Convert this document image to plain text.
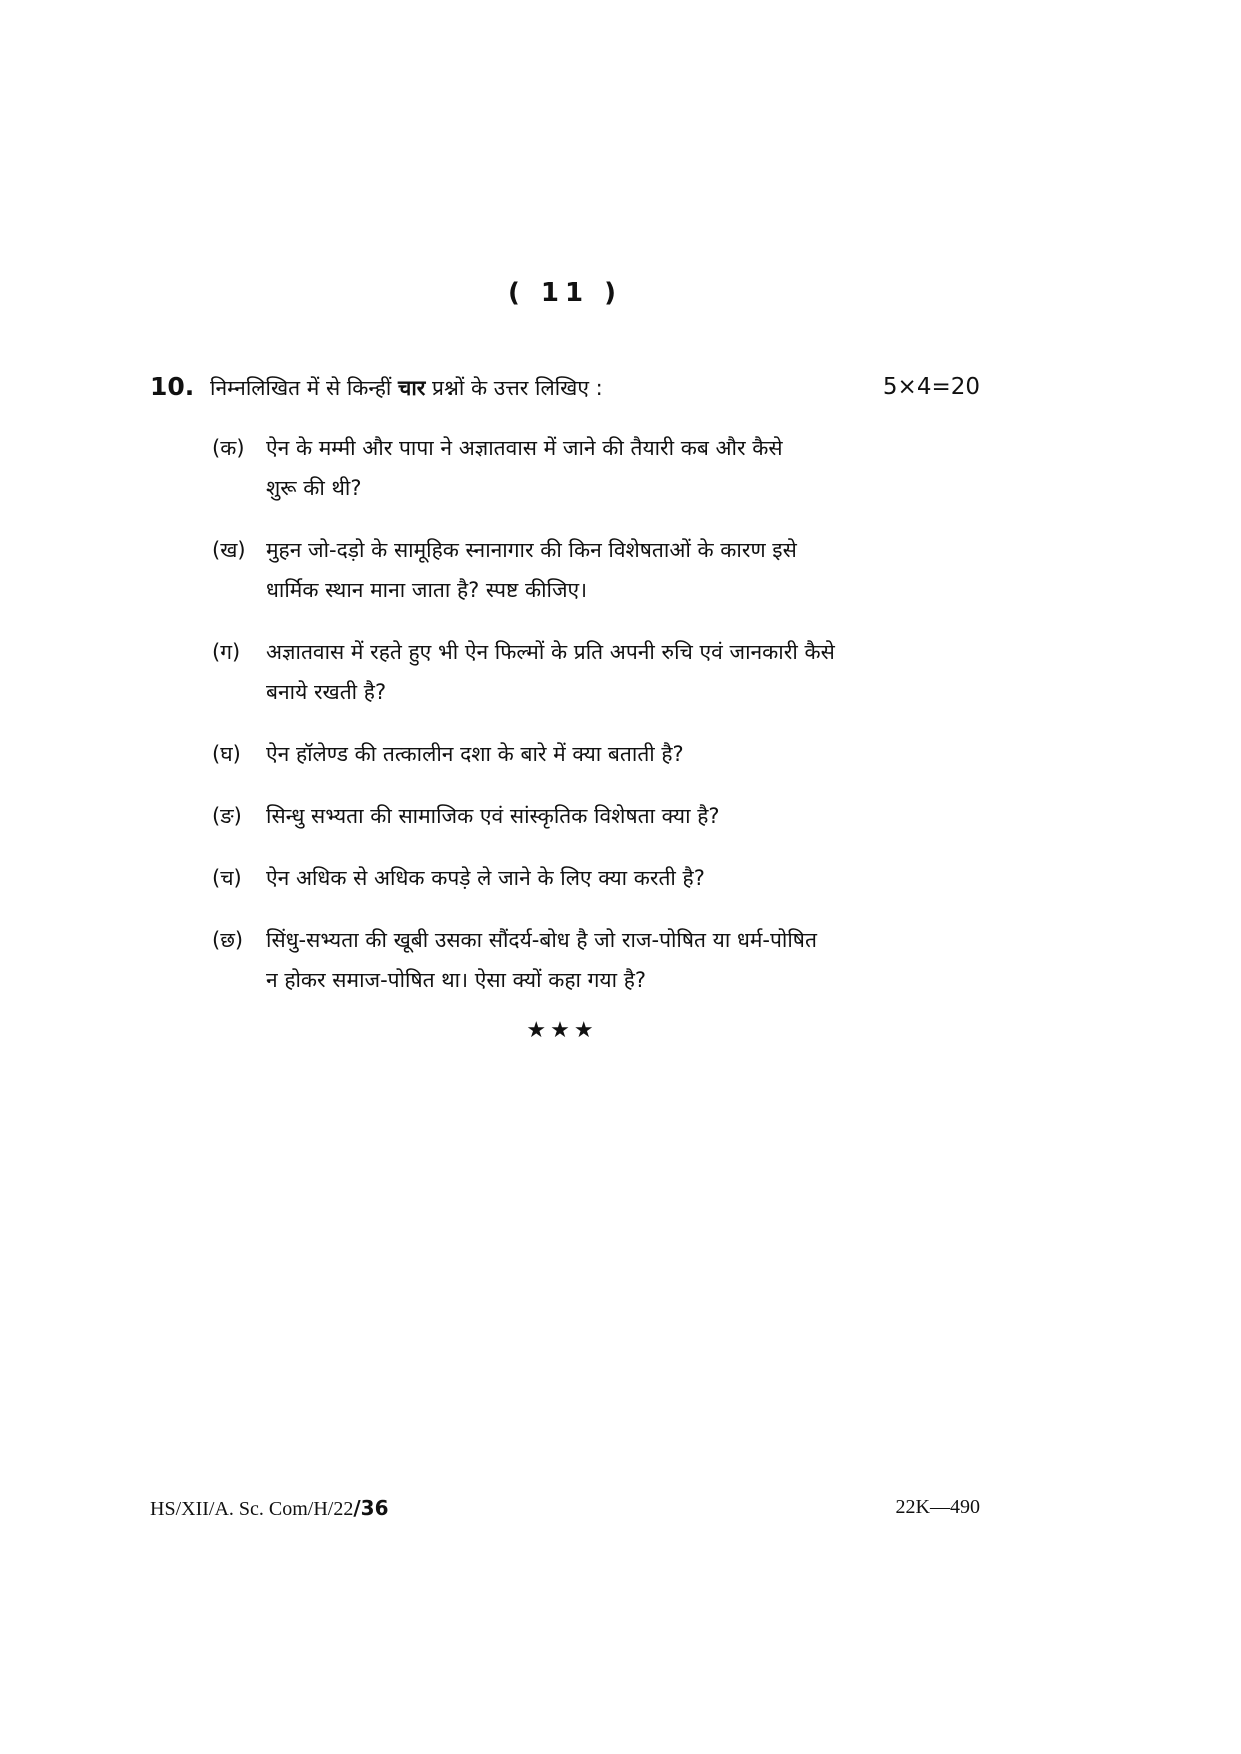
( 11 )
10. निम्नलिखित में से किन्हीं चार प्रश्नों के उत्तर लिखिए :	5×4=20
(क) ऐन के मम्मी और पापा ने अज्ञातवास में जाने की तैयारी कब और कैसे
शुरू की थी?
(ख) मुहन जो-दड़ो के सामूहिक स्नानागार की किन विशेषताओं के कारण इसे
धार्मिक स्थान माना जाता है? स्पष्ट कीजिए।
(ग) अज्ञातवास में रहते हुए भी ऐन फिल्मों के प्रति अपनी रुचि एवं जानकारी कैसे
बनाये रखती है?
(घ) ऐन हॉलेण्ड की तत्कालीन दशा के बारे में क्या बताती है?
(ङ) सिन्धु सभ्यता की सामाजिक एवं सांस्कृतिक विशेषता क्या है?
(च) ऐन अधिक से अधिक कपड़े ले जाने के लिए क्या करती है?
(छ) सिंधु-सभ्यता की खूबी उसका सौंदर्य-बोध है जो राज-पोषित या धर्म-पोषित
न होकर समाज-पोषित था। ऐसा क्यों कहा गया है?
★★★
HS/XII/A. Sc. Com/H/22/36	22K—490
